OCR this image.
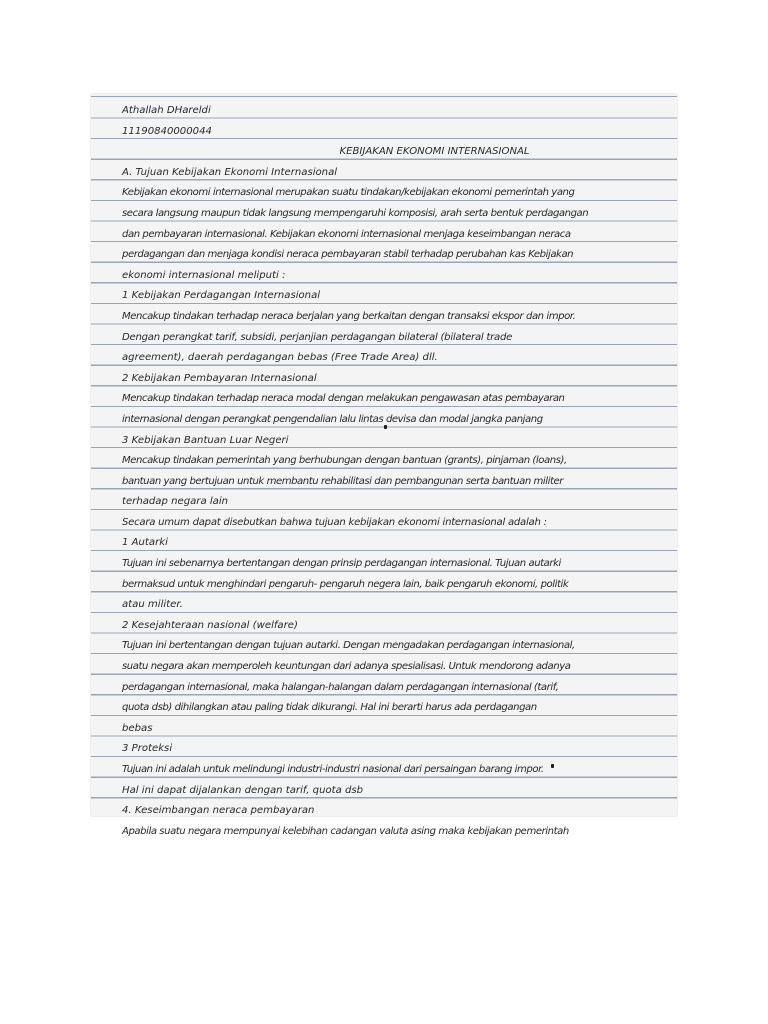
Athallah DHareldi
11190840000044
KEBIJAKAN EKONOMI INTERNASIONAL
A. Tujuan Kebijakan Ekonomi Internasional
Kebijakan ekonomi internasional merupakan suatu tindakan/kebijakan ekonomi pemerintah yang
secara langsung maupun tidak langsung mempengaruhi komposisi, arah serta bentuk perdagangan
dan pembayaran internasional. Kebijakan ekonomi internasional menjaga keseimbangan neraca
perdagangan dan menjaga kondisi neraca pembayaran stabil terhadap perubahan kas Kebijakan
ekonomi internasional meliputi :
1 Kebijakan Perdagangan Internasional
Mencakup tindakan terhadap neraca berjalan yang berkaitan dengan transaksi ekspor dan impor.
Dengan perangkat tarif, subsidi, perjanjian perdagangan bilateral (bilateral trade
agreement), daerah perdagangan bebas (Free Trade Area) dll.
2 Kebijakan Pembayaran Internasional
Mencakup tindakan terhadap neraca modal dengan melakukan pengawasan atas pembayaran
internasional dengan perangkat pengendalian lalu lintas devisa dan modal jangka panjang
3 Kebijakan Bantuan Luar Negeri
Mencakup tindakan pemerintah yang berhubungan dengan bantuan (grants), pinjaman (loans),
bantuan yang bertujuan untuk membantu rehabilitasi dan pembangunan serta bantuan militer
terhadap negara lain
Secara umum dapat disebutkan bahwa tujuan kebijakan ekonomi internasional adalah :
1 Autarki
Tujuan ini sebenarnya bertentangan dengan prinsip perdagangan internasional. Tujuan autarki
bermaksud untuk menghindari pengaruh- pengaruh negera lain, baik pengaruh ekonomi, politik
atau militer.
2 Kesejahteraan nasional (welfare)
Tujuan ini bertentangan dengan tujuan autarki. Dengan mengadakan perdagangan internasional,
suatu negara akan memperoleh keuntungan dari adanya spesialisasi. Untuk mendorong adanya
perdagangan internasional, maka halangan-halangan dalam perdagangan internasional (tarif,
quota dsb) dihilangkan atau paling tidak dikurangi. Hal ini berarti harus ada perdagangan
bebas
3 Proteksi
Tujuan ini adalah untuk melindungi industri-industri nasional dari persaingan barang impor.
Hal ini dapat dijalankan dengan tarif, quota dsb
4. Keseimbangan neraca pembayaran
Apabila suatu negara mempunyai kelebihan cadangan valuta asing maka kebijakan pemerintah
